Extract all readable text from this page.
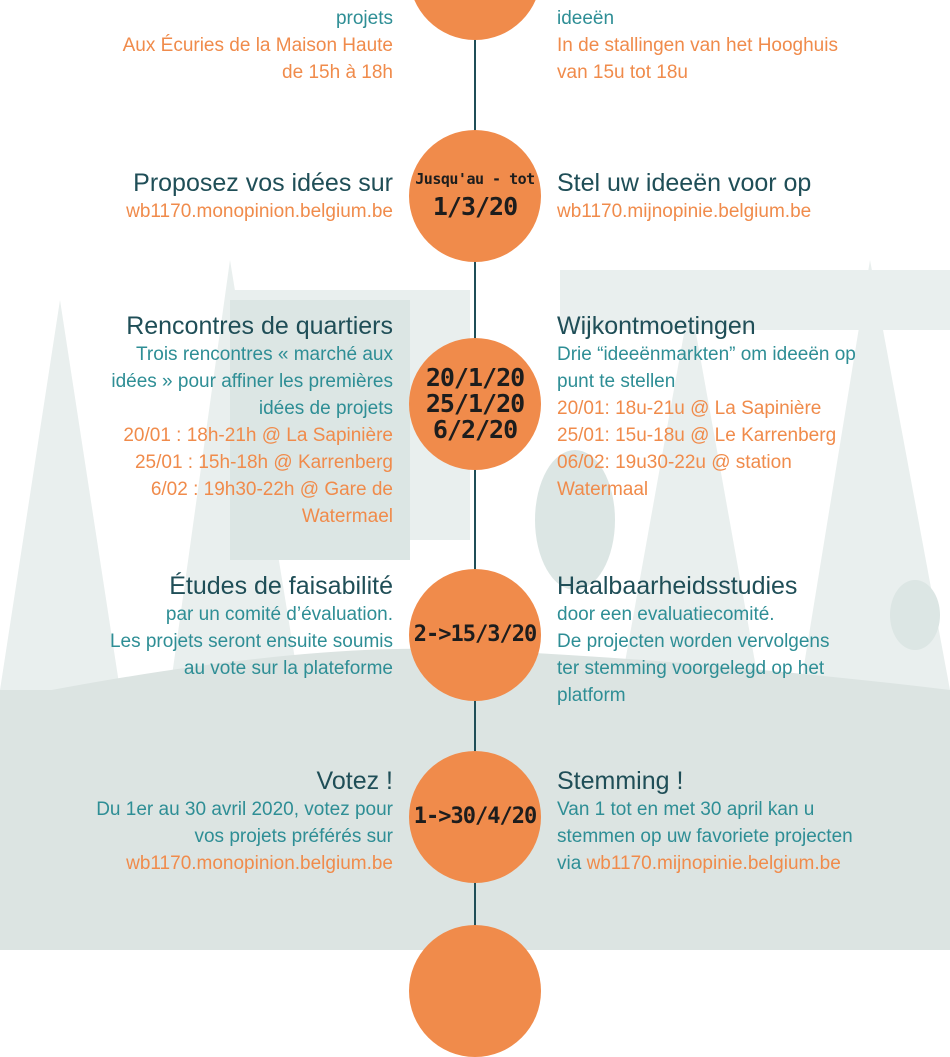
projets
Aux Écuries de la Maison Haute
de 15h à 18h
ideeën
In de stallingen van het Hooghuis
van 15u tot 18u
Jusqu'au - tot
1/3/20
Proposez vos idées sur
wb1170.monopinion.belgium.be
Stel uw ideeën voor op
wb1170.mijnopinie.belgium.be
20/1/20
25/1/20
6/2/20
Rencontres de quartiers
Trois rencontres « marché aux
idées » pour affiner les premières
idées de projets
20/01 : 18h-21h @ La Sapinière
25/01 : 15h-18h @ Karrenberg
6/02 : 19h30-22h @ Gare de
Watermael
Wijkontmoetingen
Drie “ideeënmarkten” om ideeën op
punt te stellen
20/01: 18u-21u @ La Sapinière
25/01: 15u-18u @ Le Karrenberg
06/02: 19u30-22u @ station
Watermaal
2->15/3/20
Études de faisabilité
par un comité d’évaluation.
Les projets seront ensuite soumis
au vote sur la plateforme
Haalbaarheidsstudies
door een evaluatiecomité.
De projecten worden vervolgens
ter stemming voorgelegd op het
platform
1->30/4/20
Votez !
Du 1er au 30 avril 2020, votez pour
vos projets préférés sur
wb1170.monopinion.belgium.be
Stemming !
Van 1 tot en met 30 april kan u
stemmen op uw favoriete projecten
via wb1170.mijnopinie.belgium.be
